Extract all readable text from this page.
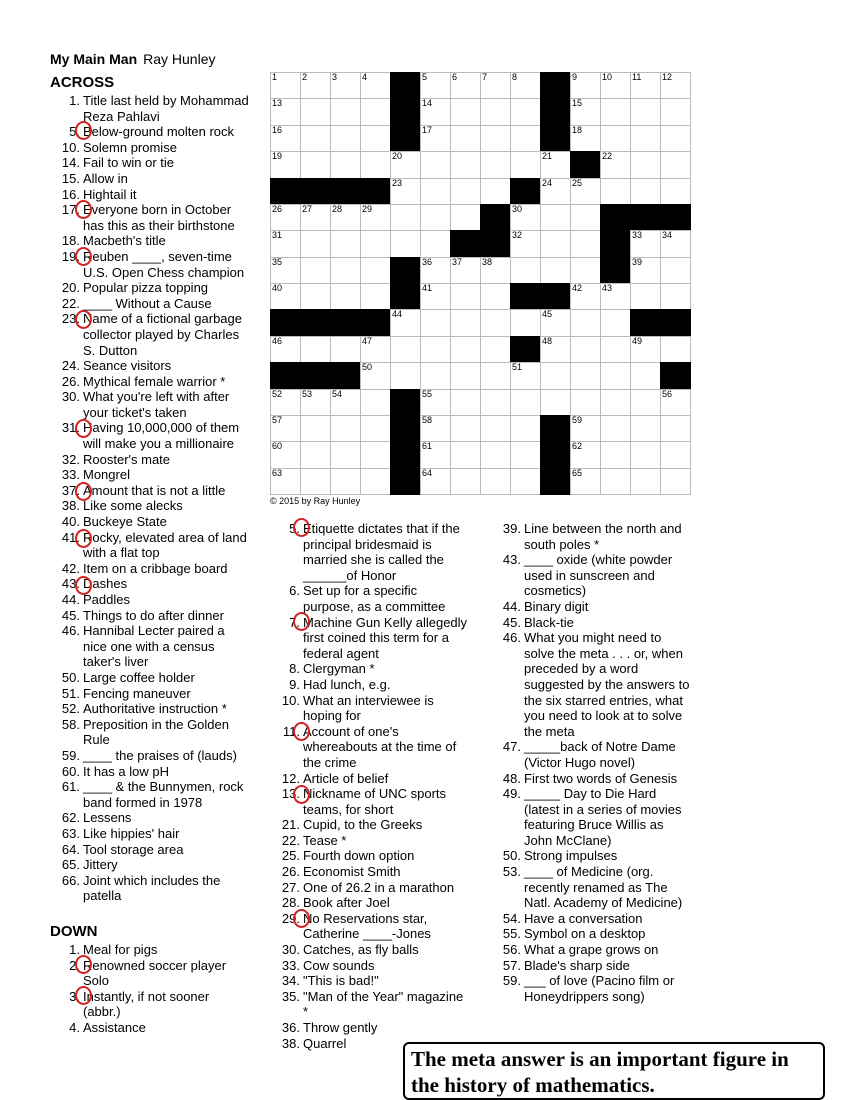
My Main Man Ray Hunley
ACROSS
1. Title last held by Mohammad
Reza Pahlavi
5. Below-ground molten rock
10. Solemn promise
14. Fail to win or tie
15. Allow in
16. Hightail it
17. Everyone born in October
has this as their birthstone
18. Macbeth's title
19. Reuben ____, seven-time
U.S. Open Chess champion
20. Popular pizza topping
22. ____ Without a Cause
23. Name of a fictional garbage
collector played by Charles
S. Dutton
24. Seance visitors
26. Mythical female warrior *
30. What you're left with after
your ticket's taken
31. Having 10,000,000 of them
will make you a millionaire
32. Rooster's mate
33. Mongrel
37. Amount that is not a little
38. Like some alecks
40. Buckeye State
41. Rocky, elevated area of land
with a flat top
42. Item on a cribbage board
43. Dashes
44. Paddles
45. Things to do after dinner
46. Hannibal Lecter paired a
nice one with a census
taker's liver
50. Large coffee holder
51. Fencing maneuver
52. Authoritative instruction *
58. Preposition in the Golden
Rule
59. ____ the praises of (lauds)
60. It has a low pH
61. ____ & the Bunnymen, rock
band formed in 1978
62. Lessens
63. Like hippies' hair
64. Tool storage area
65. Jittery
66. Joint which includes the
patella
DOWN
1. Meal for pigs
2. Renowned soccer player
Solo
3. Instantly, if not sooner
(abbr.)
4. Assistance
1	2	3	4	5	6	7	8	9	10 11 12
13	14	15
16	17	18
19	20	21	22
23	24 25
26 27 28 29	30
31	32	33 34
35	36 37 38	39
40	41	42 43
44	45
46	47	48	49
50	51
52 53 54	55	56
57	58	59
60	61	62
63	64	65
© 2015 by Ray Hunley
5. Etiquette dictates that if the
principal bridesmaid is
married she is called the
______of Honor
6. Set up for a specific
purpose, as a committee
7. Machine Gun Kelly allegedly
first coined this term for a
federal agent
8. Clergyman *
9. Had lunch, e.g.
10. What an interviewee is
hoping for
11. Account of one's
whereabouts at the time of
the crime
12. Article of belief
13. Nickname of UNC sports
teams, for short
21. Cupid, to the Greeks
22. Tease *
25. Fourth down option
26. Economist Smith
27. One of 26.2 in a marathon
28. Book after Joel
29. No Reservations star,
Catherine ____-Jones
30. Catches, as fly balls
33. Cow sounds
34. "This is bad!"
35. "Man of the Year" magazine
*
36. Throw gently
38. Quarrel
39. Line between the north and
south poles *
43. ____ oxide (white powder
used in sunscreen and
cosmetics)
44. Binary digit
45. Black-tie
46. What you might need to
solve the meta . . . or, when
preceded by a word
suggested by the answers to
the six starred entries, what
you need to look at to solve
the meta
47. _____back of Notre Dame
(Victor Hugo novel)
48. First two words of Genesis
49. _____ Day to Die Hard
(latest in a series of movies
featuring Bruce Willis as
John McClane)
50. Strong impulses
53. ____ of Medicine (org.
recently renamed as The
Natl. Academy of Medicine)
54. Have a conversation
55. Symbol on a desktop
56. What a grape grows on
57. Blade's sharp side
59. ___ of love (Pacino film or
Honeydrippers song)
The meta answer is an important figure in the history of mathematics.
